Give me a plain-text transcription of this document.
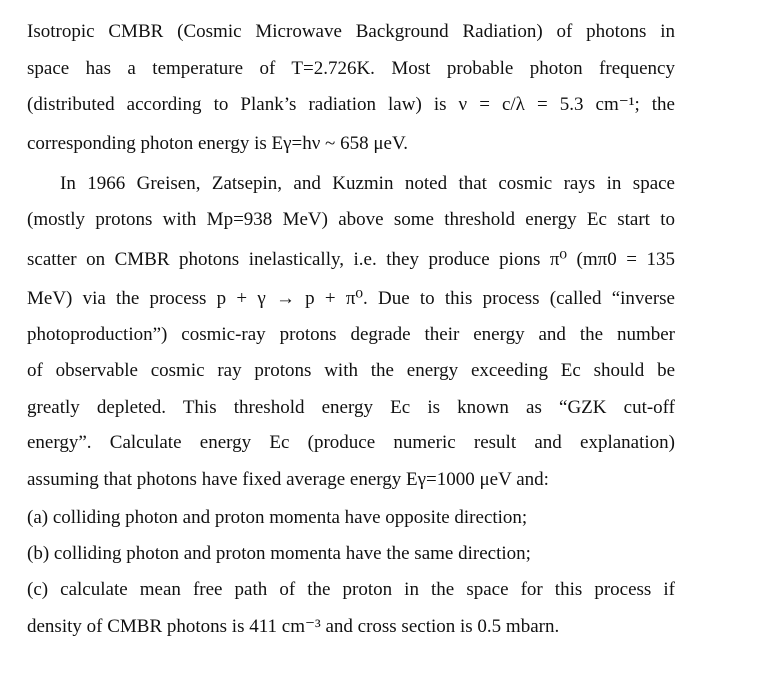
Isotropic CMBR (Cosmic Microwave Background Radiation) of photons in
space has a temperature of T=2.726K. Most probable photon frequency
(distributed according to Plank’s radiation law) is ν = c/λ = 5.3 cm⁻¹; the
corresponding photon energy is Eγ=hν ~ 658 μeV.
In 1966 Greisen, Zatsepin, and Kuzmin noted that cosmic rays in space
(mostly protons with Mp=938 MeV) above some threshold energy Ec start to
scatter on CMBR photons inelastically, i.e. they produce pions π⁰ (mπ0 = 135
MeV) via the process p + γ → p + π⁰. Due to this process (called “inverse
photoproduction”) cosmic-ray protons degrade their energy and the number
of observable cosmic ray protons with the energy exceeding Ec should be
greatly depleted. This threshold energy Ec is known as “GZK cut-off
energy”. Calculate energy Ec (produce numeric result and explanation)
assuming that photons have fixed average energy Eγ=1000 μeV and:
(a) colliding photon and proton momenta have opposite direction;
(b) colliding photon and proton momenta have the same direction;
(c) calculate mean free path of the proton in the space for this process if
density of CMBR photons is 411 cm⁻³ and cross section is 0.5 mbarn.
